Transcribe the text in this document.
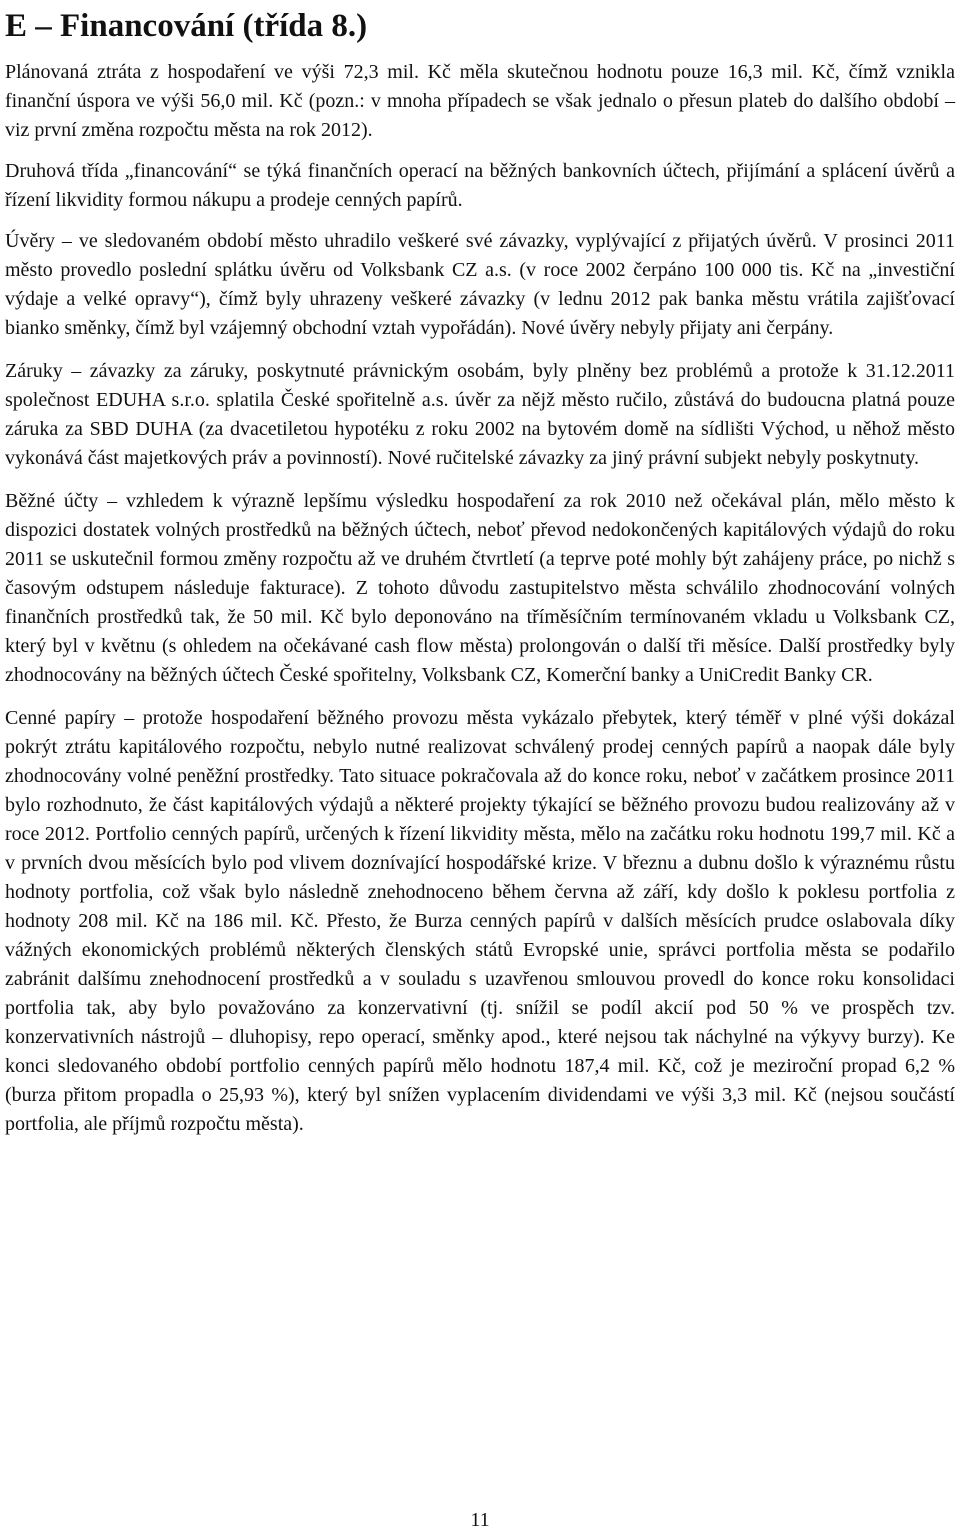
E – Financování (třída 8.)

Plánovaná ztráta z hospodaření ve výši 72,3 mil. Kč měla skutečnou hodnotu pouze 16,3 mil. Kč, čímž vznikla finanční úspora ve výši 56,0 mil. Kč (pozn.: v mnoha případech se však jednalo o přesun plateb do dalšího období – viz první změna rozpočtu města na rok 2012).

Druhová třída „financování“ se týká finančních operací na běžných bankovních účtech, přijímání a splácení úvěrů a řízení likvidity formou nákupu a prodeje cenných papírů.

Úvěry – ve sledovaném období město uhradilo veškeré své závazky, vyplývající z přijatých úvěrů. V prosinci 2011 město provedlo poslední splátku úvěru od Volksbank CZ a.s. (v roce 2002 čerpáno 100 000 tis. Kč na „investiční výdaje a velké opravy“), čímž byly uhrazeny veškeré závazky (v lednu 2012 pak banka městu vrátila zajišťovací bianko směnky, čímž byl vzájemný obchodní vztah vypořádán). Nové úvěry nebyly přijaty ani čerpány.

Záruky – závazky za záruky, poskytnuté právnickým osobám, byly plněny bez problémů a protože k 31.12.2011 společnost EDUHA s.r.o. splatila České spořitelně a.s. úvěr za nějž město ručilo, zůstává do budoucna platná pouze záruka za SBD DUHA (za dvacetiletou hypotéku z roku 2002 na bytovém domě na sídlišti Východ, u něhož město vykonává část majetkových práv a povinností). Nové ručitelské závazky za jiný právní subjekt nebyly poskytnuty.

Běžné účty – vzhledem k výrazně lepšímu výsledku hospodaření za rok 2010 než očekával plán, mělo město k dispozici dostatek volných prostředků na běžných účtech, neboť převod nedokončených kapitálových výdajů do roku 2011 se uskutečnil formou změny rozpočtu až ve druhém čtvrtletí (a teprve poté mohly být zahájeny práce, po nichž s časovým odstupem následuje fakturace). Z tohoto důvodu zastupitelstvo města schválilo zhodnocování volných finančních prostředků tak, že 50 mil. Kč bylo deponováno na tříměsíčním termínovaném vkladu u Volksbank CZ, který byl v květnu (s ohledem na očekávané cash flow města) prolongován o další tři měsíce. Další prostředky byly zhodnocovány na běžných účtech České spořitelny, Volksbank CZ, Komerční banky a UniCredit Banky CR.

Cenné papíry – protože hospodaření běžného provozu města vykázalo přebytek, který téměř v plné výši dokázal pokrýt ztrátu kapitálového rozpočtu, nebylo nutné realizovat schválený prodej cenných papírů a naopak dále byly zhodnocovány volné peněžní prostředky. Tato situace pokračovala až do konce roku, neboť v začátkem prosince 2011 bylo rozhodnuto, že část kapitálových výdajů a některé projekty týkající se běžného provozu budou realizovány až v roce 2012. Portfolio cenných papírů, určených k řízení likvidity města, mělo na začátku roku hodnotu 199,7 mil. Kč a v prvních dvou měsících bylo pod vlivem doznívající hospodářské krize. V březnu a dubnu došlo k výraznému růstu hodnoty portfolia, což však bylo následně znehodnoceno během června až září, kdy došlo k poklesu portfolia z hodnoty 208 mil. Kč na 186 mil. Kč. Přesto, že Burza cenných papírů v dalších měsících prudce oslabovala díky vážných ekonomických problémů některých členských států Evropské unie, správci portfolia města se podařilo zabránit dalšímu znehodnocení prostředků a v souladu s uzavřenou smlouvou provedl do konce roku konsolidaci portfolia tak, aby bylo považováno za konzervativní (tj. snížil se podíl akcií pod 50 % ve prospěch tzv. konzervativních nástrojů – dluhopisy, repo operací, směnky apod., které nejsou tak náchylné na výkyvy burzy). Ke konci sledovaného období portfolio cenných papírů mělo hodnotu 187,4 mil. Kč, což je meziroční propad 6,2 % (burza přitom propadla o 25,93 %), který byl snížen vyplacením dividendami ve výši 3,3 mil. Kč (nejsou součástí portfolia, ale příjmů rozpočtu města).

11
